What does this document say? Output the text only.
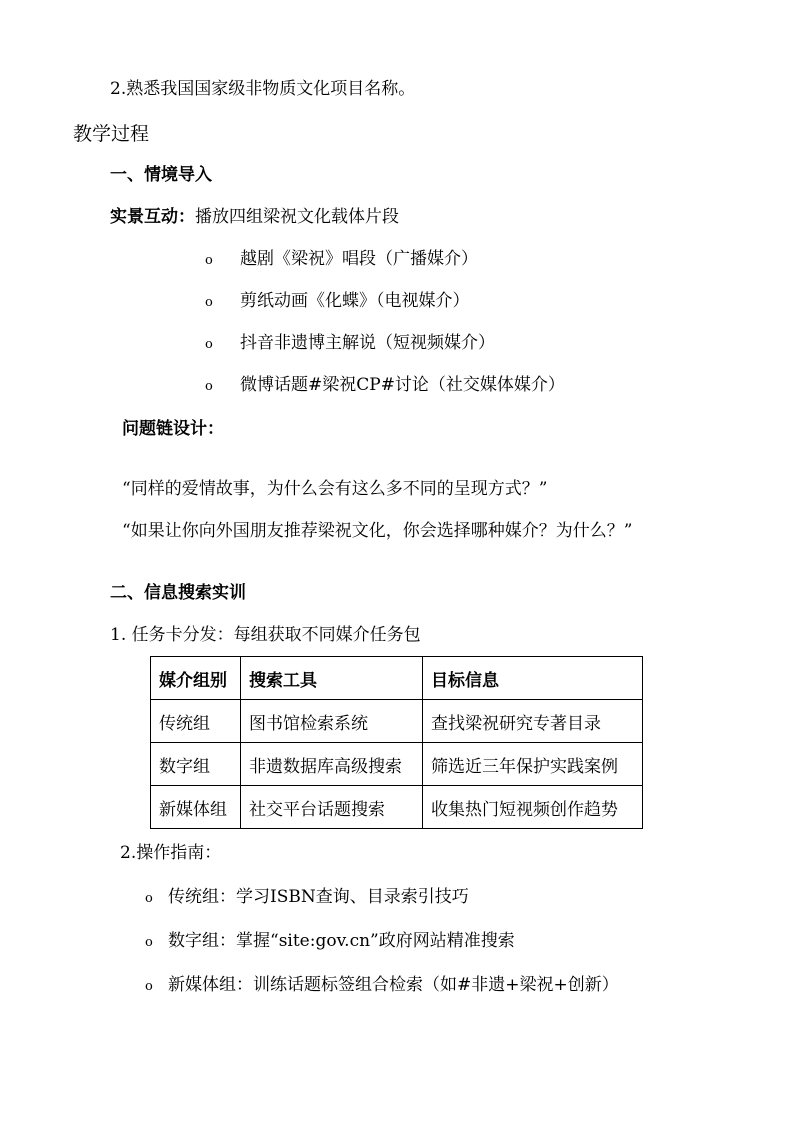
2.熟悉我国国家级非物质文化项目名称。
教学过程
一、情境导入
实景互动：播放四组梁祝文化载体片段
o 越剧《梁祝》唱段（广播媒介）
o 剪纸动画《化蝶》（电视媒介）
o 抖音非遗博主解说（短视频媒介）
o 微博话题#梁祝CP#讨论（社交媒体媒介）
问题链设计：
“同样的爱情故事，为什么会有这么多不同的呈现方式？”
“如果让你向外国朋友推荐梁祝文化，你会选择哪种媒介？为什么？”
二、信息搜索实训
1. 任务卡分发：每组获取不同媒介任务包
媒介组别	搜索工具	目标信息
传统组	图书馆检索系统	查找梁祝研究专著目录
数字组	非遗数据库高级搜索	筛选近三年保护实践案例
新媒体组	社交平台话题搜索	收集热门短视频创作趋势
2.操作指南：
o 传统组：学习ISBN查询、目录索引技巧
o 数字组：掌握“site:gov.cn”政府网站精准搜索
o 新媒体组：训练话题标签组合检索（如#非遗+梁祝+创新）
